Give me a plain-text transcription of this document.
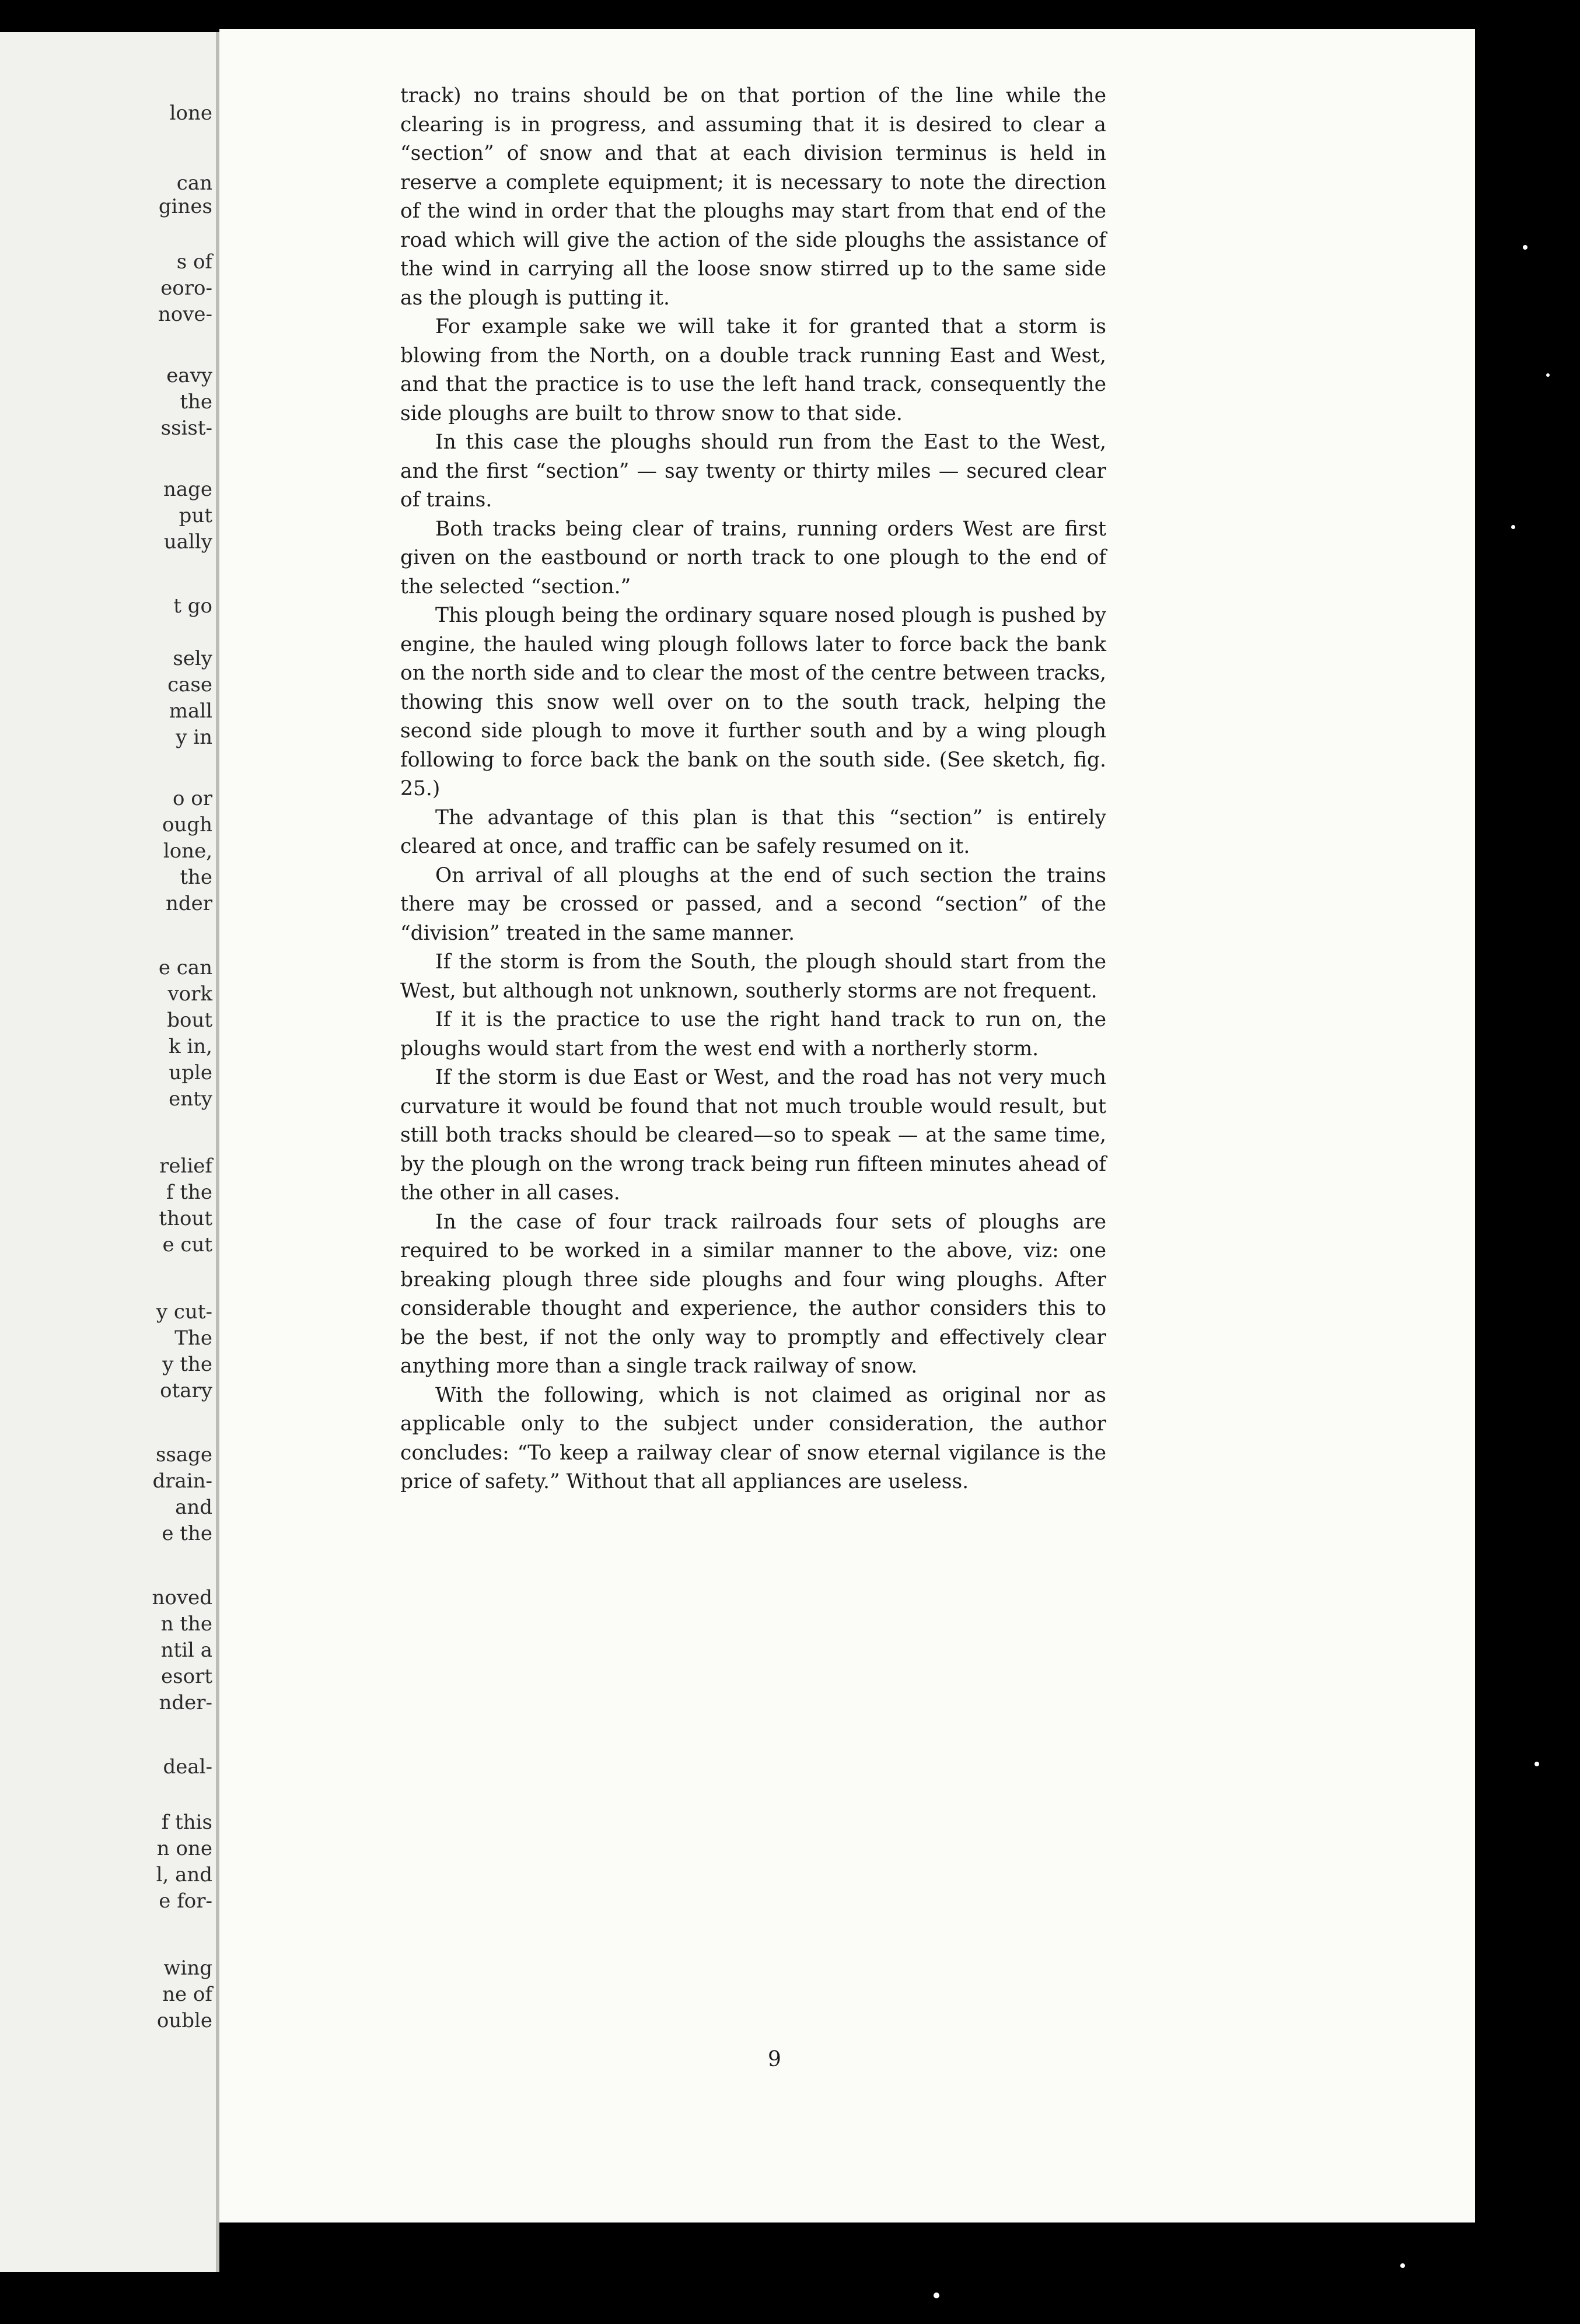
lone
can
gines
s of
eoro-
nove-
eavy
the
ssist-
nage
put
ually
t go
sely
case
mall
y in
o or
ough
lone,
the
nder
e can
vork
bout
k in,
uple
enty
relief
f the
thout
e cut
y cut-
The
y the
otary
ssage
drain-
and
e the
noved
n the
ntil a
esort
nder-
deal-
f this
n one
l, and
e for-
wing
ne of
ouble

track) no trains should be on that portion of the line while the clearing is in progress, and assuming that it is desired to clear a “section” of snow and that at each division terminus is held in reserve a complete equipment; it is necessary to note the direction of the wind in order that the ploughs may start from that end of the road which will give the action of the side ploughs the assistance of the wind in carrying all the loose snow stirred up to the same side as the plough is putting it.

For example sake we will take it for granted that a storm is blowing from the North, on a double track running East and West, and that the practice is to use the left hand track, consequently the side ploughs are built to throw snow to that side.

In this case the ploughs should run from the East to the West, and the first “section” — say twenty or thirty miles — secured clear of trains.

Both tracks being clear of trains, running orders West are first given on the eastbound or north track to one plough to the end of the selected “section.”

This plough being the ordinary square nosed plough is pushed by engine, the hauled wing plough follows later to force back the bank on the north side and to clear the most of the centre between tracks, thowing this snow well over on to the south track, helping the second side plough to move it further south and by a wing plough following to force back the bank on the south side. (See sketch, fig. 25.)

The advantage of this plan is that this “section” is entirely cleared at once, and traffic can be safely resumed on it.

On arrival of all ploughs at the end of such section the trains there may be crossed or passed, and a second “section” of the “division” treated in the same manner.

If the storm is from the South, the plough should start from the West, but although not unknown, southerly storms are not frequent.

If it is the practice to use the right hand track to run on, the ploughs would start from the west end with a northerly storm.

If the storm is due East or West, and the road has not very much curvature it would be found that not much trouble would result, but still both tracks should be cleared—so to speak — at the same time, by the plough on the wrong track being run fifteen minutes ahead of the other in all cases.

In the case of four track railroads four sets of ploughs are required to be worked in a similar manner to the above, viz: one breaking plough three side ploughs and four wing ploughs. After considerable thought and experience, the author considers this to be the best, if not the only way to promptly and effectively clear anything more than a single track railway of snow.

With the following, which is not claimed as original nor as applicable only to the subject under consideration, the author concludes: “To keep a railway clear of snow eternal vigilance is the price of safety.” Without that all appliances are useless.

9
